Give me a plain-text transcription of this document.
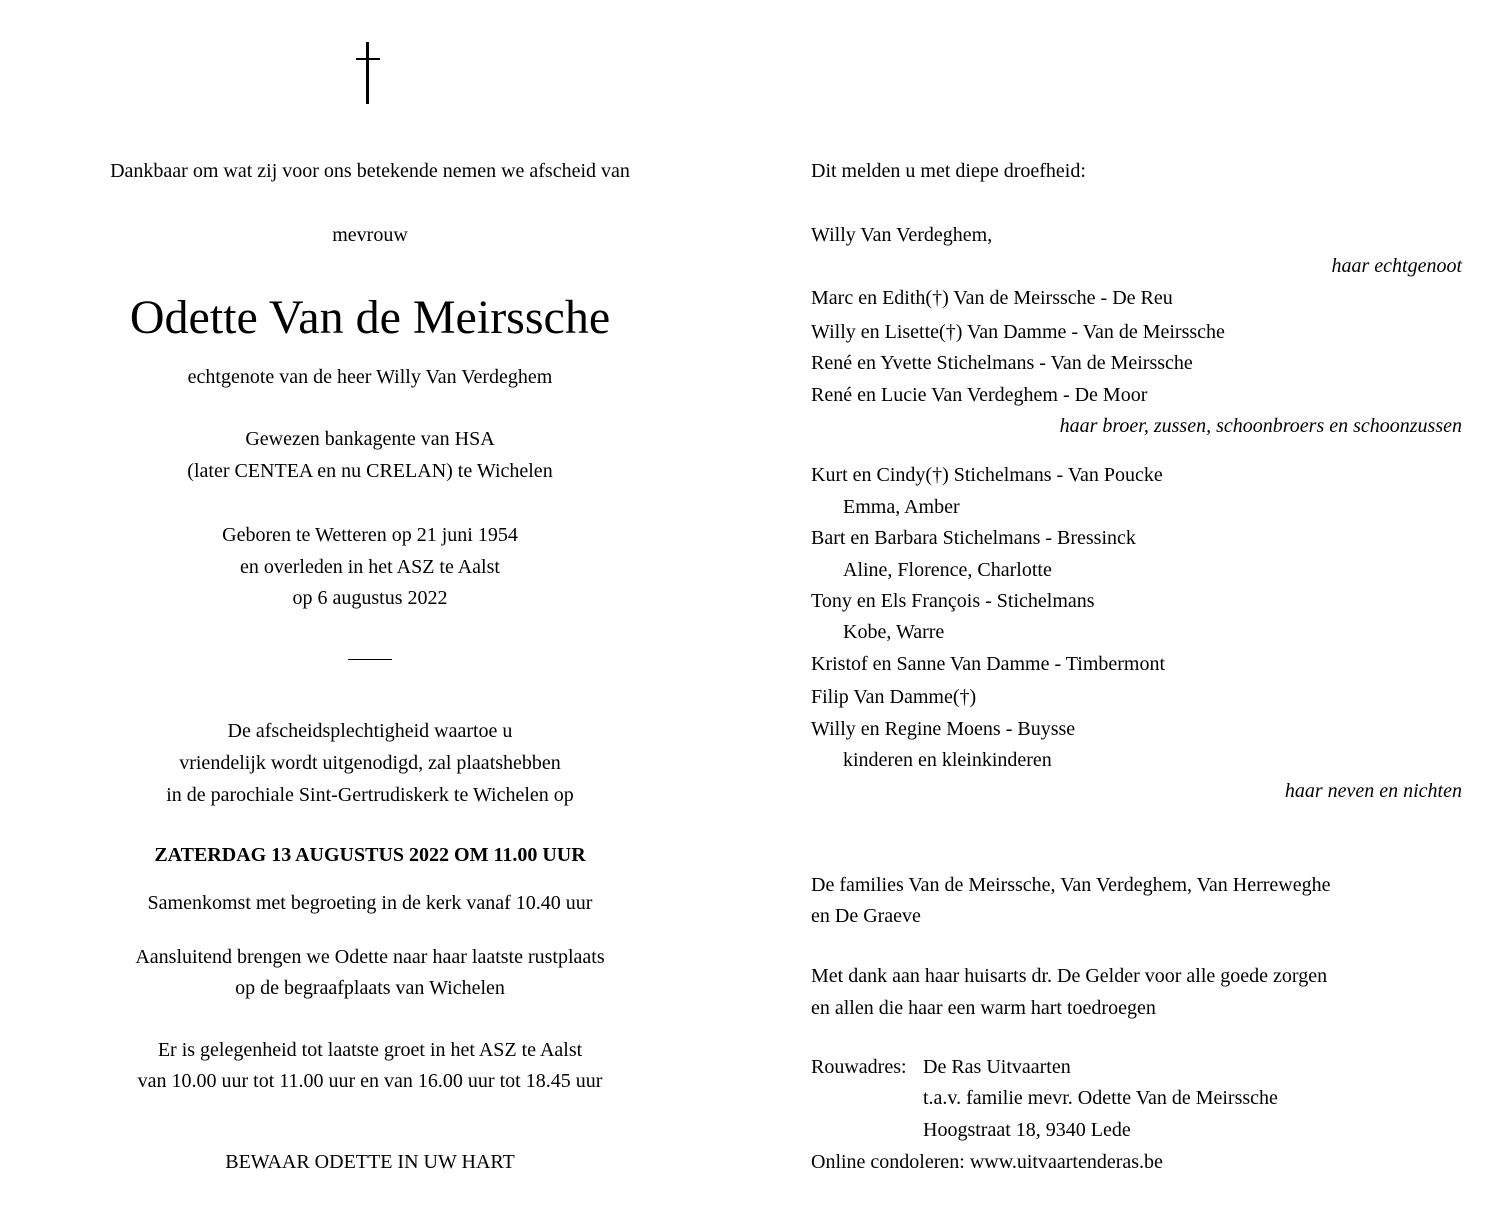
Dankbaar om wat zij voor ons betekende nemen we afscheid van
mevrouw
Odette Van de Meirssche
echtgenote van de heer Willy Van Verdeghem
Gewezen bankagente van HSA
(later CENTEA en nu CRELAN) te Wichelen
Geboren te Wetteren op 21 juni 1954
en overleden in het ASZ te Aalst
op 6 augustus 2022
De afscheidsplechtigheid waartoe u
vriendelijk wordt uitgenodigd, zal plaatshebben
in de parochiale Sint-Gertrudiskerk te Wichelen op
ZATERDAG 13 AUGUSTUS 2022 OM 11.00 UUR
Samenkomst met begroeting in de kerk vanaf 10.40 uur
Aansluitend brengen we Odette naar haar laatste rustplaats
op de begraafplaats van Wichelen
Er is gelegenheid tot laatste groet in het ASZ te Aalst
van 10.00 uur tot 11.00 uur en van 16.00 uur tot 18.45 uur
BEWAAR ODETTE IN UW HART
Dit melden u met diepe droefheid:
Willy Van Verdeghem,
haar echtgenoot
Marc en Edith(†) Van de Meirssche - De Reu
Willy en Lisette(†) Van Damme - Van de Meirssche
René en Yvette Stichelmans - Van de Meirssche
René en Lucie Van Verdeghem - De Moor
haar broer, zussen, schoonbroers en schoonzussen
Kurt en Cindy(†) Stichelmans - Van Poucke
Emma, Amber
Bart en Barbara Stichelmans - Bressinck
Aline, Florence, Charlotte
Tony en Els François - Stichelmans
Kobe, Warre
Kristof en Sanne Van Damme - Timbermont
Filip Van Damme(†)
Willy en Regine Moens - Buysse
kinderen en kleinkinderen
haar neven en nichten
De families Van de Meirssche, Van Verdeghem, Van Herreweghe
en De Graeve
Met dank aan haar huisarts dr. De Gelder voor alle goede zorgen
en allen die haar een warm hart toedroegen
Rouwadres: De Ras Uitvaarten
t.a.v. familie mevr. Odette Van de Meirssche
Hoogstraat 18, 9340 Lede
Online condoleren: www.uitvaartenderas.be
